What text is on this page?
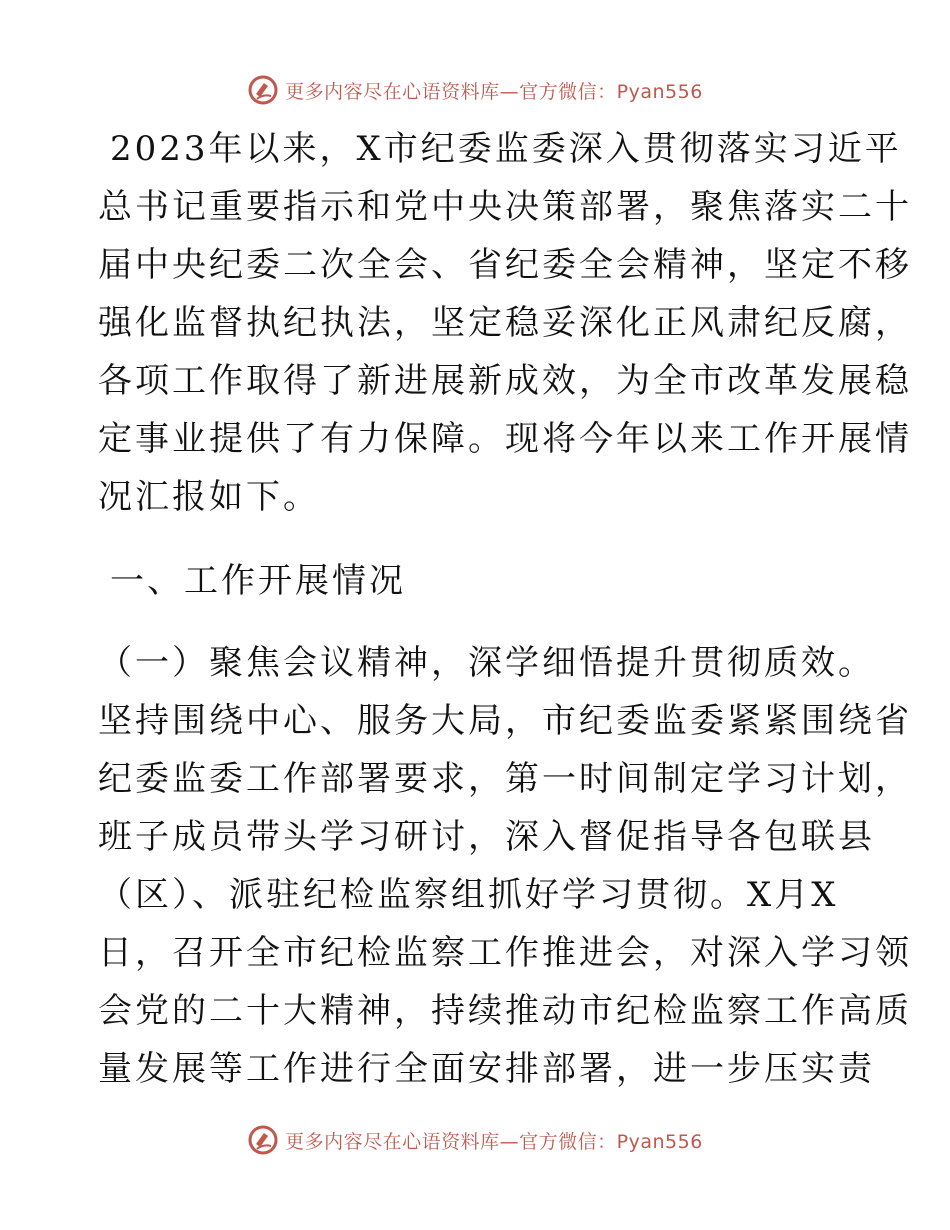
更多内容尽在心语资料库—官方微信：Pyan556
2023年以来，X市纪委监委深入贯彻落实习近平
总书记重要指示和党中央决策部署，聚焦落实二十
届中央纪委二次全会、省纪委全会精神，坚定不移
强化监督执纪执法，坚定稳妥深化正风肃纪反腐，
各项工作取得了新进展新成效，为全市改革发展稳
定事业提供了有力保障。现将今年以来工作开展情
况汇报如下。
一、工作开展情况
（一）聚焦会议精神，深学细悟提升贯彻质效。
坚持围绕中心、服务大局，市纪委监委紧紧围绕省
纪委监委工作部署要求，第一时间制定学习计划，
班子成员带头学习研讨，深入督促指导各包联县
（区）、派驻纪检监察组抓好学习贯彻。X月X
日，召开全市纪检监察工作推进会，对深入学习领
会党的二十大精神，持续推动市纪检监察工作高质
量发展等工作进行全面安排部署，进一步压实责
更多内容尽在心语资料库—官方微信：Pyan556
